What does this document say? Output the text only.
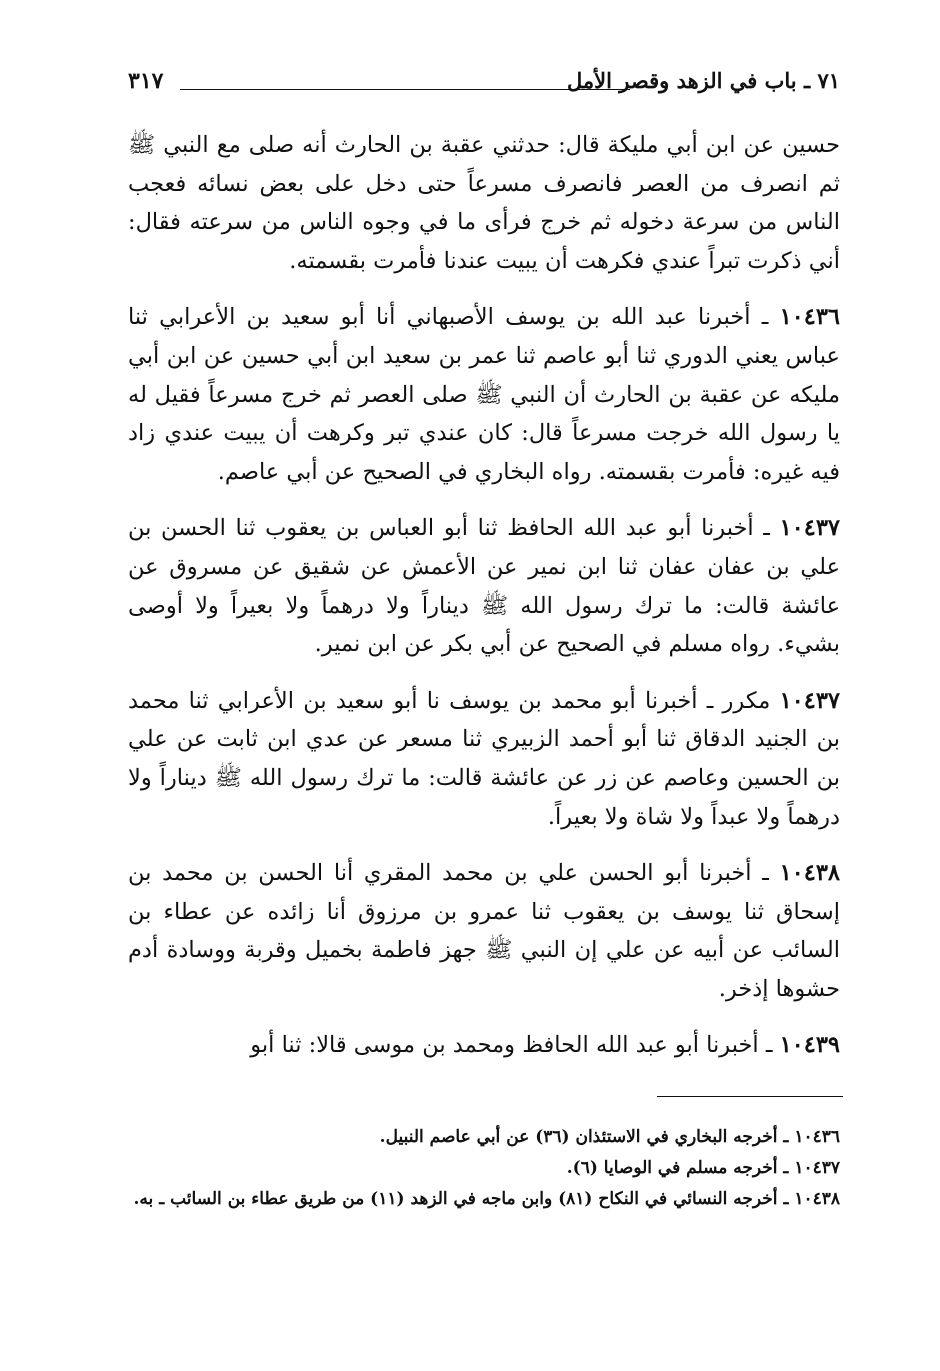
٧١ ـ باب في الزهد وقصر الأمل
٣١٧

حسين عن ابن أبي مليكة قال: حدثني عقبة بن الحارث أنه صلى مع النبي ﷺ ثم انصرف من العصر فانصرف مسرعاً حتى دخل على بعض نسائه فعجب الناس من سرعة دخوله ثم خرج فرأى ما في وجوه الناس من سرعته فقال: أني ذكرت تبراً عندي فكرهت أن يبيت عندنا فأمرت بقسمته.

١٠٤٣٦ ـ أخبرنا عبد الله بن يوسف الأصبهاني أنا أبو سعيد بن الأعرابي ثنا عباس يعني الدوري ثنا أبو عاصم ثنا عمر بن سعيد ابن أبي حسين عن ابن أبي مليكه عن عقبة بن الحارث أن النبي ﷺ صلى العصر ثم خرج مسرعاً فقيل له يا رسول الله خرجت مسرعاً قال: كان عندي تبر وكرهت أن يبيت عندي زاد فيه غيره: فأمرت بقسمته. رواه البخاري في الصحيح عن أبي عاصم.

١٠٤٣٧ ـ أخبرنا أبو عبد الله الحافظ ثنا أبو العباس بن يعقوب ثنا الحسن بن علي بن عفان عفان ثنا ابن نمير عن الأعمش عن شقيق عن مسروق عن عائشة قالت: ما ترك رسول الله ﷺ ديناراً ولا درهماً ولا بعيراً ولا أوصى بشيء. رواه مسلم في الصحيح عن أبي بكر عن ابن نمير.

١٠٤٣٧ مكرر ـ أخبرنا أبو محمد بن يوسف نا أبو سعيد بن الأعرابي ثنا محمد بن الجنيد الدقاق ثنا أبو أحمد الزبيري ثنا مسعر عن عدي ابن ثابت عن علي بن الحسين وعاصم عن زر عن عائشة قالت: ما ترك رسول الله ﷺ ديناراً ولا درهماً ولا عبداً ولا شاة ولا بعيراً.

١٠٤٣٨ ـ أخبرنا أبو الحسن علي بن محمد المقري أنا الحسن بن محمد بن إسحاق ثنا يوسف بن يعقوب ثنا عمرو بن مرزوق أنا زائده عن عطاء بن السائب عن أبيه عن علي إن النبي ﷺ جهز فاطمة بخميل وقربة ووسادة أدم حشوها إذخر.

١٠٤٣٩ ـ أخبرنا أبو عبد الله الحافظ ومحمد بن موسى قالا: ثنا أبو

١٠٤٣٦ ـ أخرجه البخاري في الاستئذان (٣٦) عن أبي عاصم النبيل.

١٠٤٣٧ ـ أخرجه مسلم في الوصايا (٦).

١٠٤٣٨ ـ أخرجه النسائي في النكاح (٨١) وابن ماجه في الزهد (١١) من طريق عطاء بن السائب ـ به.
